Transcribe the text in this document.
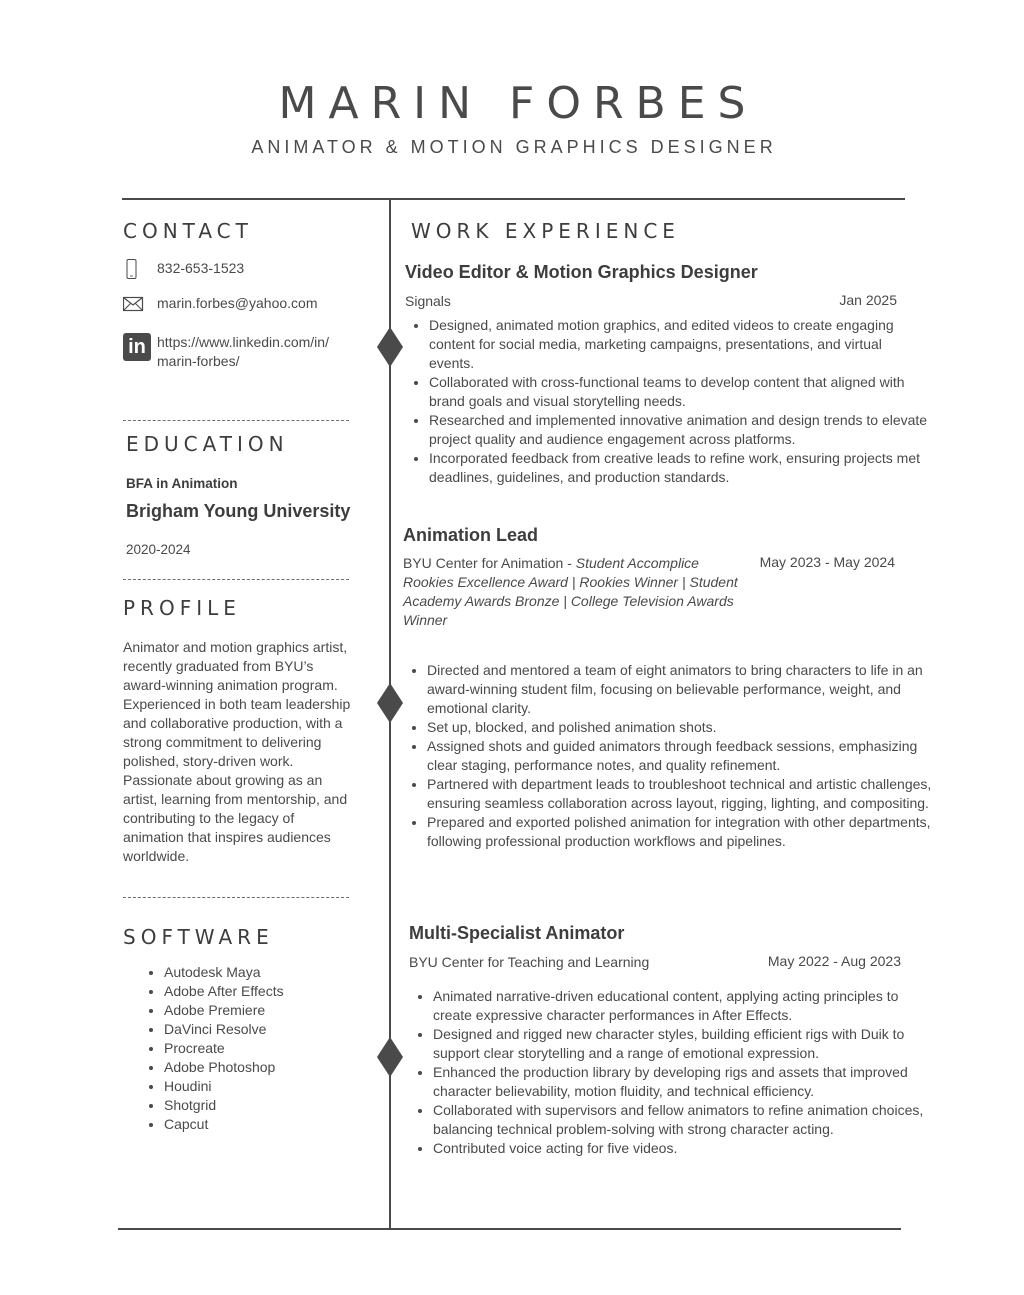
MARIN FORBES
ANIMATOR & MOTION GRAPHICS DESIGNER
CONTACT
832-653-1523
marin.forbes@yahoo.com
in https://www.linkedin.com/in/
marin-forbes/
EDUCATION
BFA in Animation
Brigham Young University
2020-2024
PROFILE
Animator and motion graphics artist, recently graduated from BYU’s award-winning animation program. Experienced in both team leadership and collaborative production, with a strong commitment to delivering polished, story-driven work. Passionate about growing as an artist, learning from mentorship, and contributing to the legacy of animation that inspires audiences worldwide.
SOFTWARE
• Autodesk Maya
• Adobe After Effects
• Adobe Premiere
• DaVinci Resolve
• Procreate
• Adobe Photoshop
• Houdini
• Shotgrid
• Capcut
WORK EXPERIENCE
Video Editor & Motion Graphics Designer
Signals	Jan 2025
• Designed, animated motion graphics, and edited videos to create engaging content for social media, marketing campaigns, presentations, and virtual events.
• Collaborated with cross-functional teams to develop content that aligned with brand goals and visual storytelling needs.
• Researched and implemented innovative animation and design trends to elevate project quality and audience engagement across platforms.
• Incorporated feedback from creative leads to refine work, ensuring projects met deadlines, guidelines, and production standards.
Animation Lead
BYU Center for Animation - Student Accomplice Rookies Excellence Award | Rookies Winner | Student Academy Awards Bronze | College Television Awards Winner
May 2023 - May 2024
• Directed and mentored a team of eight animators to bring characters to life in an award-winning student film, focusing on believable performance, weight, and emotional clarity.
• Set up, blocked, and polished animation shots.
• Assigned shots and guided animators through feedback sessions, emphasizing clear staging, performance notes, and quality refinement.
• Partnered with department leads to troubleshoot technical and artistic challenges, ensuring seamless collaboration across layout, rigging, lighting, and compositing.
• Prepared and exported polished animation for integration with other departments, following professional production workflows and pipelines.
Multi-Specialist Animator
BYU Center for Teaching and Learning	May 2022 - Aug 2023
• Animated narrative-driven educational content, applying acting principles to create expressive character performances in After Effects.
• Designed and rigged new character styles, building efficient rigs with Duik to support clear storytelling and a range of emotional expression.
• Enhanced the production library by developing rigs and assets that improved character believability, motion fluidity, and technical efficiency.
• Collaborated with supervisors and fellow animators to refine animation choices, balancing technical problem-solving with strong character acting.
• Contributed voice acting for five videos.
